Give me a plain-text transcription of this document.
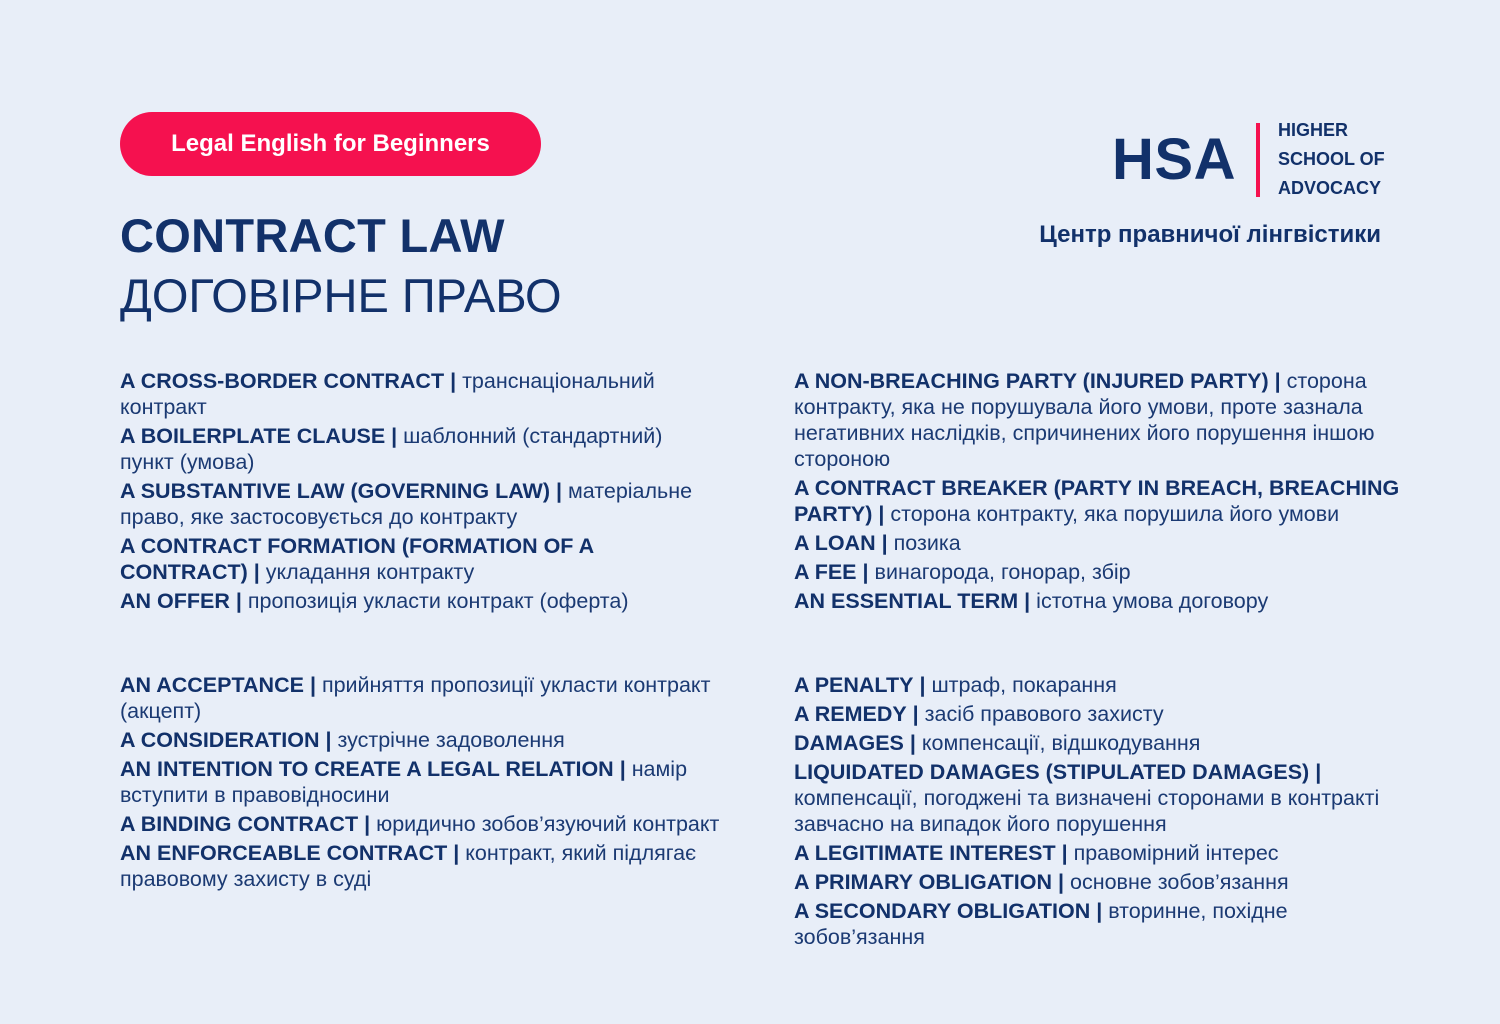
Legal English for Beginners
CONTRACT LAW
ДОГОВІРНЕ ПРАВО
HSA HIGHER
SCHOOL OF
ADVOCACY
Центр правничої лінгвістики
A CROSS-BORDER CONTRACT | транснаціональний контракт
A BOILERPLATE CLAUSE | шаблонний (стандартний) пункт (умова)
A SUBSTANTIVE LAW (GOVERNING LAW) | матеріальне право, яке застосовується до контракту
A CONTRACT FORMATION (FORMATION OF A CONTRACT) | укладання контракту
AN OFFER | пропозиція укласти контракт (оферта)
AN ACCEPTANCE | прийняття пропозиції укласти контракт (акцепт)
A CONSIDERATION | зустрічне задоволення
AN INTENTION TO CREATE A LEGAL RELATION | намір вступити в правовідносини
A BINDING CONTRACT | юридично зобов’язуючий контракт
AN ENFORCEABLE CONTRACT | контракт, який підлягає правовому захисту в суді
A NON-BREACHING PARTY (INJURED PARTY) | сторона контракту, яка не порушувала його умови, проте зазнала негативних наслідків, спричинених його порушення іншою стороною
A CONTRACT BREAKER (PARTY IN BREACH, BREACHING PARTY) | сторона контракту, яка порушила його умови
A LOAN | позика
A FEE | винагорода, гонорар, збір
AN ESSENTIAL TERM | істотна умова договору
A PENALTY | штраф, покарання
A REMEDY | засіб правового захисту
DAMAGES | компенсації, відшкодування
LIQUIDATED DAMAGES (STIPULATED DAMAGES) | компенсації, погоджені та визначені сторонами в контракті завчасно на випадок його порушення
A LEGITIMATE INTEREST | правомірний інтерес
A PRIMARY OBLIGATION | основне зобов’язання
A SECONDARY OBLIGATION | вторинне, похідне зобов’язання
